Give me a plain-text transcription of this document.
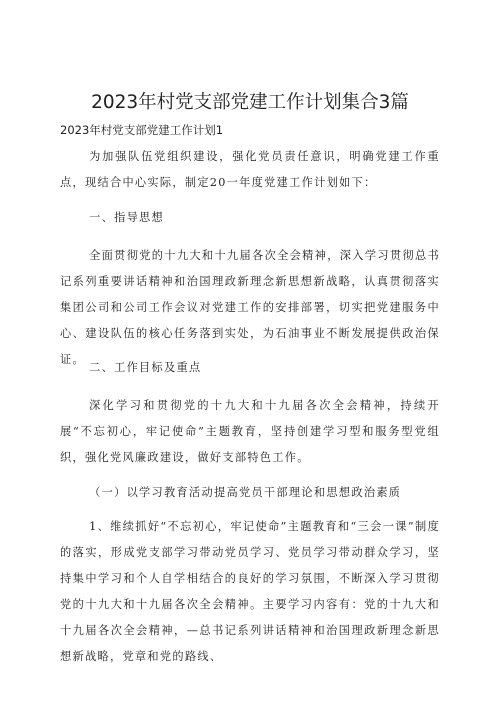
2023年村党支部党建工作计划集合3篇
2023年村党支部党建工作计划1
为加强队伍党组织建设，强化党员责任意识，明确党建工作重点，现结合中心实际，制定20一年度党建工作计划如下：
一、指导思想
全面贯彻党的十九大和十九届各次全会精神，深入学习贯彻总书记系列重要讲话精神和治国理政新理念新思想新战略，认真贯彻落实集团公司和公司工作会议对党建工作的安排部署，切实把党建服务中心、建设队伍的核心任务落到实处，为石油事业不断发展提供政治保证。
二、工作目标及重点
深化学习和贯彻党的十九大和十九届各次全会精神，持续开展“不忘初心，牢记使命”主题教育，坚持创建学习型和服务型党组织，强化党风廉政建设，做好支部特色工作。
（一）以学习教育活动提高党员干部理论和思想政治素质
1、维续抓好“不忘初心，牢记使命”主题教育和“三会一课”制度的落实，形成党支部学习带动党员学习、党员学习带动群众学习，坚持集中学习和个人自学相结合的良好的学习氛围，不断深入学习贯彻党的十九大和十九届各次全会精神。主要学习内容有：党的十九大和十九届各次全会精神，—总书记系列讲话精神和治国理政新理念新思想新战略，党章和党的路线、
